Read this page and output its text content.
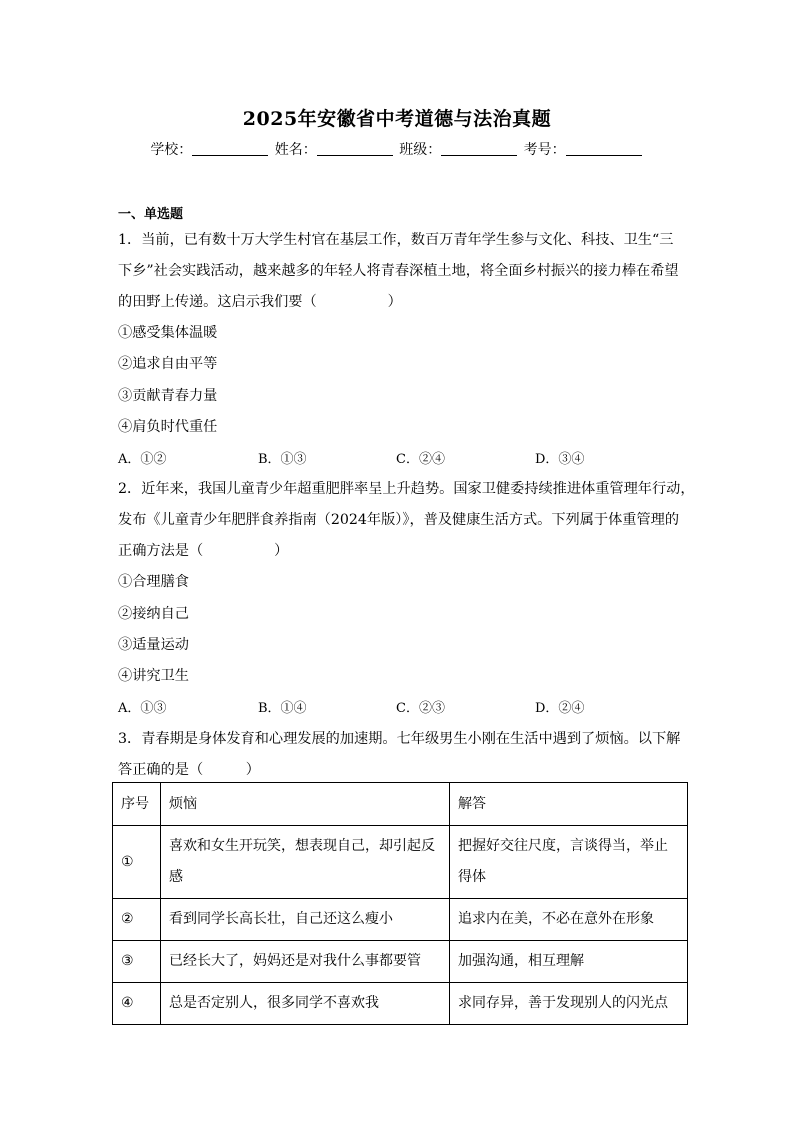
2025年安徽省中考道德与法治真题
学校：	姓名：	班级：	考号：
一、单选题
1．当前，已有数十万大学生村官在基层工作，数百万青年学生参与文化、科技、卫生“三
下乡”社会实践活动，越来越多的年轻人将青春深植土地，将全面乡村振兴的接力棒在希望
的田野上传递。这启示我们要（　　　　　）
①感受集体温暖
②追求自由平等
③贡献青春力量
④肩负时代重任
A．①②	B．①③	C．②④	D．③④
2．近年来，我国儿童青少年超重肥胖率呈上升趋势。国家卫健委持续推进体重管理年行动，
发布《儿童青少年肥胖食养指南（2024年版）》，普及健康生活方式。下列属于体重管理的
正确方法是（　　　　　）
①合理膳食
②接纳自己
③适量运动
④讲究卫生
A．①③	B．①④	C．②③	D．②④
3．青春期是身体发育和心理发展的加速期。七年级男生小刚在生活中遇到了烦恼。以下解
答正确的是（　　　）
序号	烦恼	解答
①	喜欢和女生开玩笑，想表现自己，却引起反感	把握好交往尺度，言谈得当，举止得体
②	看到同学长高长壮，自己还这么瘦小	追求内在美，不必在意外在形象
③	已经长大了，妈妈还是对我什么事都要管	加强沟通，相互理解
④	总是否定别人，很多同学不喜欢我	求同存异，善于发现别人的闪光点
